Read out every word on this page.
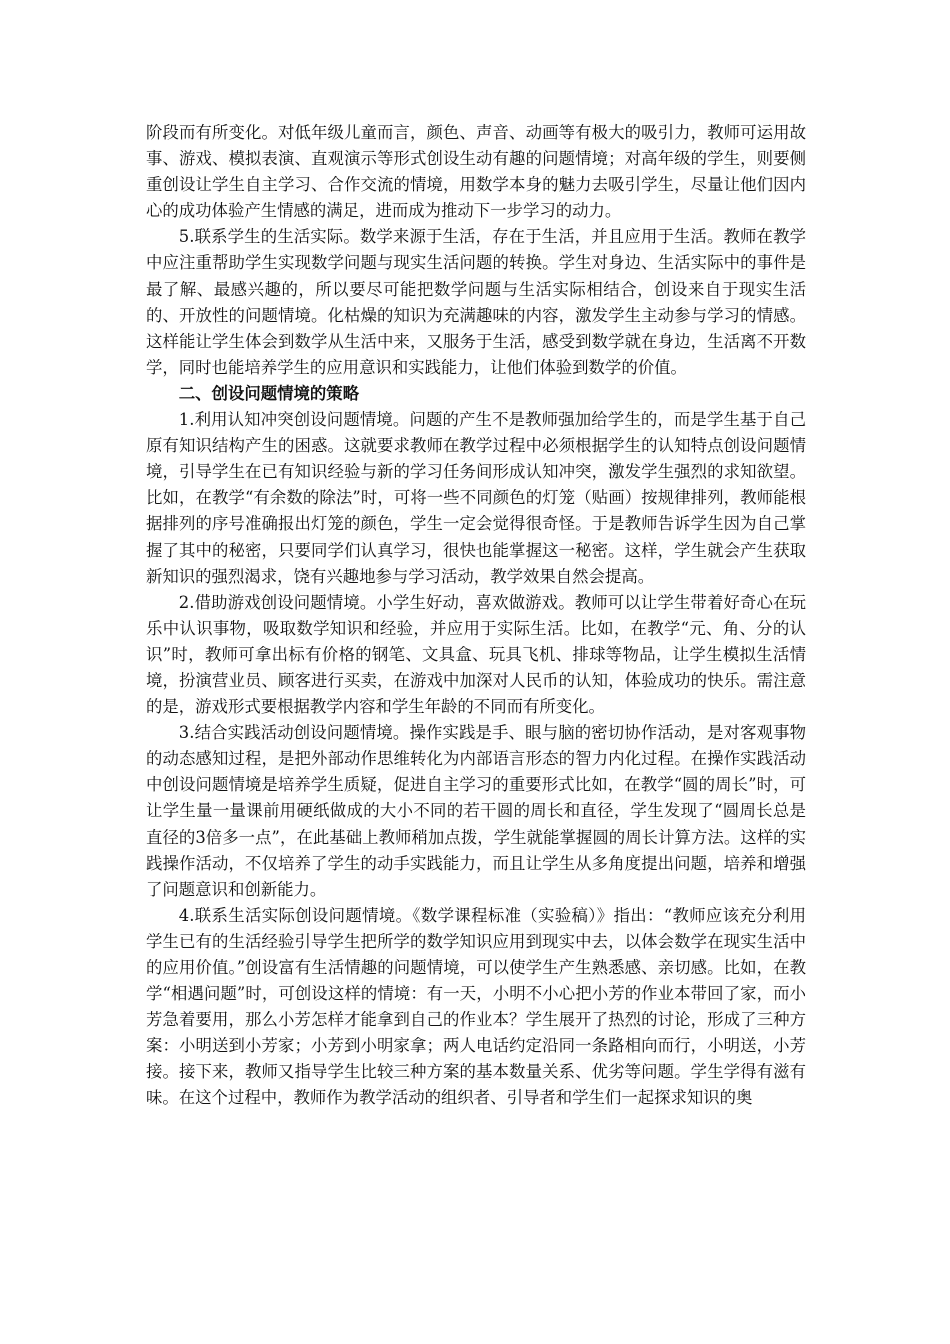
阶段而有所变化。对低年级儿童而言，颜色、声音、动画等有极大的吸引力，教师可运用故事、游戏、模拟表演、直观演示等形式创设生动有趣的问题情境；对高年级的学生，则要侧重创设让学生自主学习、合作交流的情境，用数学本身的魅力去吸引学生，尽量让他们因内心的成功体验产生情感的满足，进而成为推动下一步学习的动力。

5.联系学生的生活实际。数学来源于生活，存在于生活，并且应用于生活。教师在教学中应注重帮助学生实现数学问题与现实生活问题的转换。学生对身边、生活实际中的事件是最了解、最感兴趣的，所以要尽可能把数学问题与生活实际相结合，创设来自于现实生活的、开放性的问题情境。化枯燥的知识为充满趣味的内容，激发学生主动参与学习的情感。这样能让学生体会到数学从生活中来，又服务于生活，感受到数学就在身边，生活离不开数学，同时也能培养学生的应用意识和实践能力，让他们体验到数学的价值。

二、创设问题情境的策略

1.利用认知冲突创设问题情境。问题的产生不是教师强加给学生的，而是学生基于自己原有知识结构产生的困惑。这就要求教师在教学过程中必须根据学生的认知特点创设问题情境，引导学生在已有知识经验与新的学习任务间形成认知冲突，激发学生强烈的求知欲望。比如，在教学“有余数的除法”时，可将一些不同颜色的灯笼（贴画）按规律排列，教师能根据排列的序号准确报出灯笼的颜色，学生一定会觉得很奇怪。于是教师告诉学生因为自己掌握了其中的秘密，只要同学们认真学习，很快也能掌握这一秘密。这样，学生就会产生获取新知识的强烈渴求，饶有兴趣地参与学习活动，教学效果自然会提高。

2.借助游戏创设问题情境。小学生好动，喜欢做游戏。教师可以让学生带着好奇心在玩乐中认识事物，吸取数学知识和经验，并应用于实际生活。比如，在教学“元、角、分的认识”时，教师可拿出标有价格的钢笔、文具盒、玩具飞机、排球等物品，让学生模拟生活情境，扮演营业员、顾客进行买卖，在游戏中加深对人民币的认知，体验成功的快乐。需注意的是，游戏形式要根据教学内容和学生年龄的不同而有所变化。

3.结合实践活动创设问题情境。操作实践是手、眼与脑的密切协作活动，是对客观事物的动态感知过程，是把外部动作思维转化为内部语言形态的智力内化过程。在操作实践活动中创设问题情境是培养学生质疑，促进自主学习的重要形式比如，在教学“圆的周长”时，可让学生量一量课前用硬纸做成的大小不同的若干圆的周长和直径，学生发现了“圆周长总是直径的3倍多一点”，在此基础上教师稍加点拨，学生就能掌握圆的周长计算方法。这样的实践操作活动，不仅培养了学生的动手实践能力，而且让学生从多角度提出问题，培养和增强了问题意识和创新能力。

4.联系生活实际创设问题情境。《数学课程标准（实验稿）》指出：“教师应该充分利用学生已有的生活经验引导学生把所学的数学知识应用到现实中去，以体会数学在现实生活中的应用价值。”创设富有生活情趣的问题情境，可以使学生产生熟悉感、亲切感。比如，在教学“相遇问题”时，可创设这样的情境：有一天，小明不小心把小芳的作业本带回了家，而小芳急着要用，那么小芳怎样才能拿到自己的作业本？学生展开了热烈的讨论，形成了三种方案：小明送到小芳家；小芳到小明家拿；两人电话约定沿同一条路相向而行，小明送，小芳接。接下来，教师又指导学生比较三种方案的基本数量关系、优劣等问题。学生学得有滋有味。在这个过程中，教师作为教学活动的组织者、引导者和学生们一起探求知识的奥
